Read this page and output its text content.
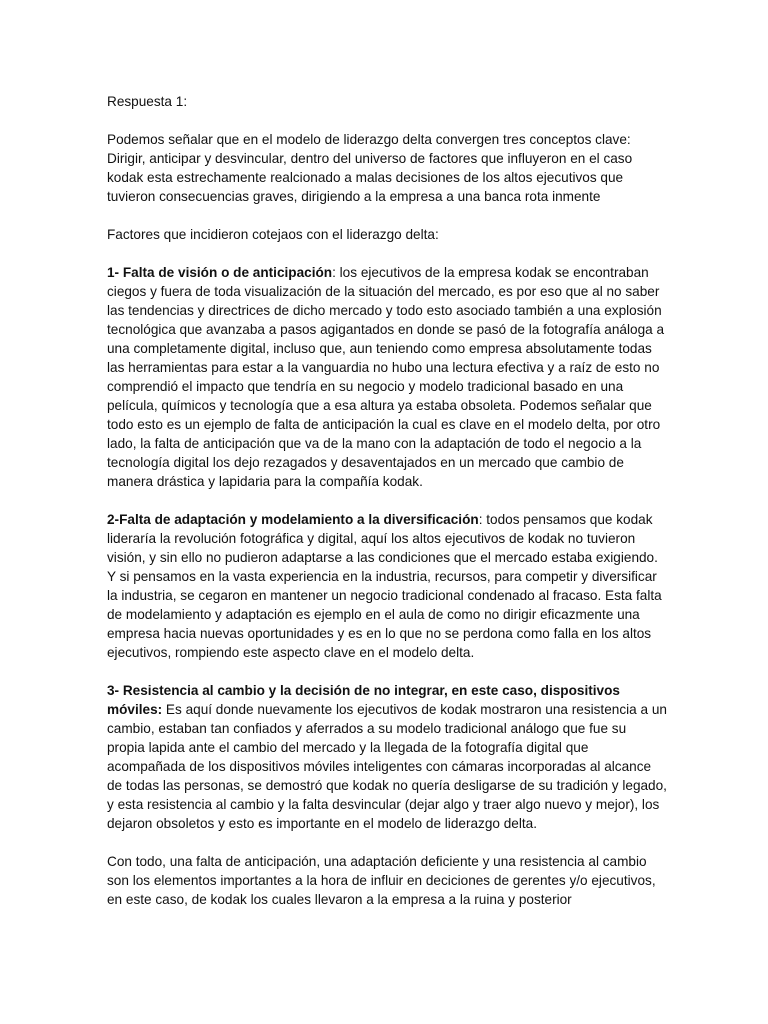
Respuesta 1:

Podemos señalar que en el modelo de liderazgo delta convergen tres conceptos clave: Dirigir, anticipar y desvincular, dentro del universo de factores que influyeron en el caso kodak esta estrechamente realcionado a malas decisiones de los altos ejecutivos que tuvieron consecuencias graves, dirigiendo a la empresa a una banca rota inmente

Factores que incidieron cotejaos con el liderazgo delta:

1- Falta de visión o de anticipación: los ejecutivos de la empresa kodak se encontraban ciegos y fuera de toda visualización de la situación del mercado, es por eso que al no saber las tendencias y directrices de dicho mercado y todo esto asociado también a una explosión tecnológica que avanzaba a pasos agigantados en donde se pasó de la fotografía análoga a una completamente digital, incluso que, aun teniendo como empresa absolutamente todas las herramientas para estar a la vanguardia no hubo una lectura efectiva y a raíz de esto no comprendió el impacto que tendría en su negocio y modelo tradicional basado en una película, químicos y tecnología que a esa altura ya estaba obsoleta. Podemos señalar que todo esto es un ejemplo de falta de anticipación la cual es clave en el modelo delta, por otro lado, la falta de anticipación que va de la mano con la adaptación de todo el negocio a la tecnología digital los dejo rezagados y desaventajados en un mercado que cambio de manera drástica y lapidaria para la compañía kodak.

2-Falta de adaptación y modelamiento a la diversificación: todos pensamos que kodak lideraría la revolución fotográfica y digital, aquí los altos ejecutivos de kodak no tuvieron visión, y sin ello no pudieron adaptarse a las condiciones que el mercado estaba exigiendo. Y si pensamos en la vasta experiencia en la industria, recursos, para competir y diversificar la industria, se cegaron en mantener un negocio tradicional condenado al fracaso. Esta falta de modelamiento y adaptación es ejemplo en el aula de como no dirigir eficazmente una empresa hacia nuevas oportunidades y es en lo que no se perdona como falla en los altos ejecutivos, rompiendo este aspecto clave en el modelo delta.

3- Resistencia al cambio y la decisión de no integrar, en este caso, dispositivos móviles: Es aquí donde nuevamente los ejecutivos de kodak mostraron una resistencia a un cambio, estaban tan confiados y aferrados a su modelo tradicional análogo que fue su propia lapida ante el cambio del mercado y la llegada de la fotografía digital que acompañada de los dispositivos móviles inteligentes con cámaras incorporadas al alcance de todas las personas, se demostró que kodak no quería desligarse de su tradición y legado, y esta resistencia al cambio y la falta desvincular (dejar algo y traer algo nuevo y mejor), los dejaron obsoletos y esto es importante en el modelo de liderazgo delta.

Con todo, una falta de anticipación, una adaptación deficiente y una resistencia al cambio son los elementos importantes a la hora de influir en deciciones de gerentes y/o ejecutivos, en este caso, de kodak los cuales llevaron a la empresa a la ruina y posterior
